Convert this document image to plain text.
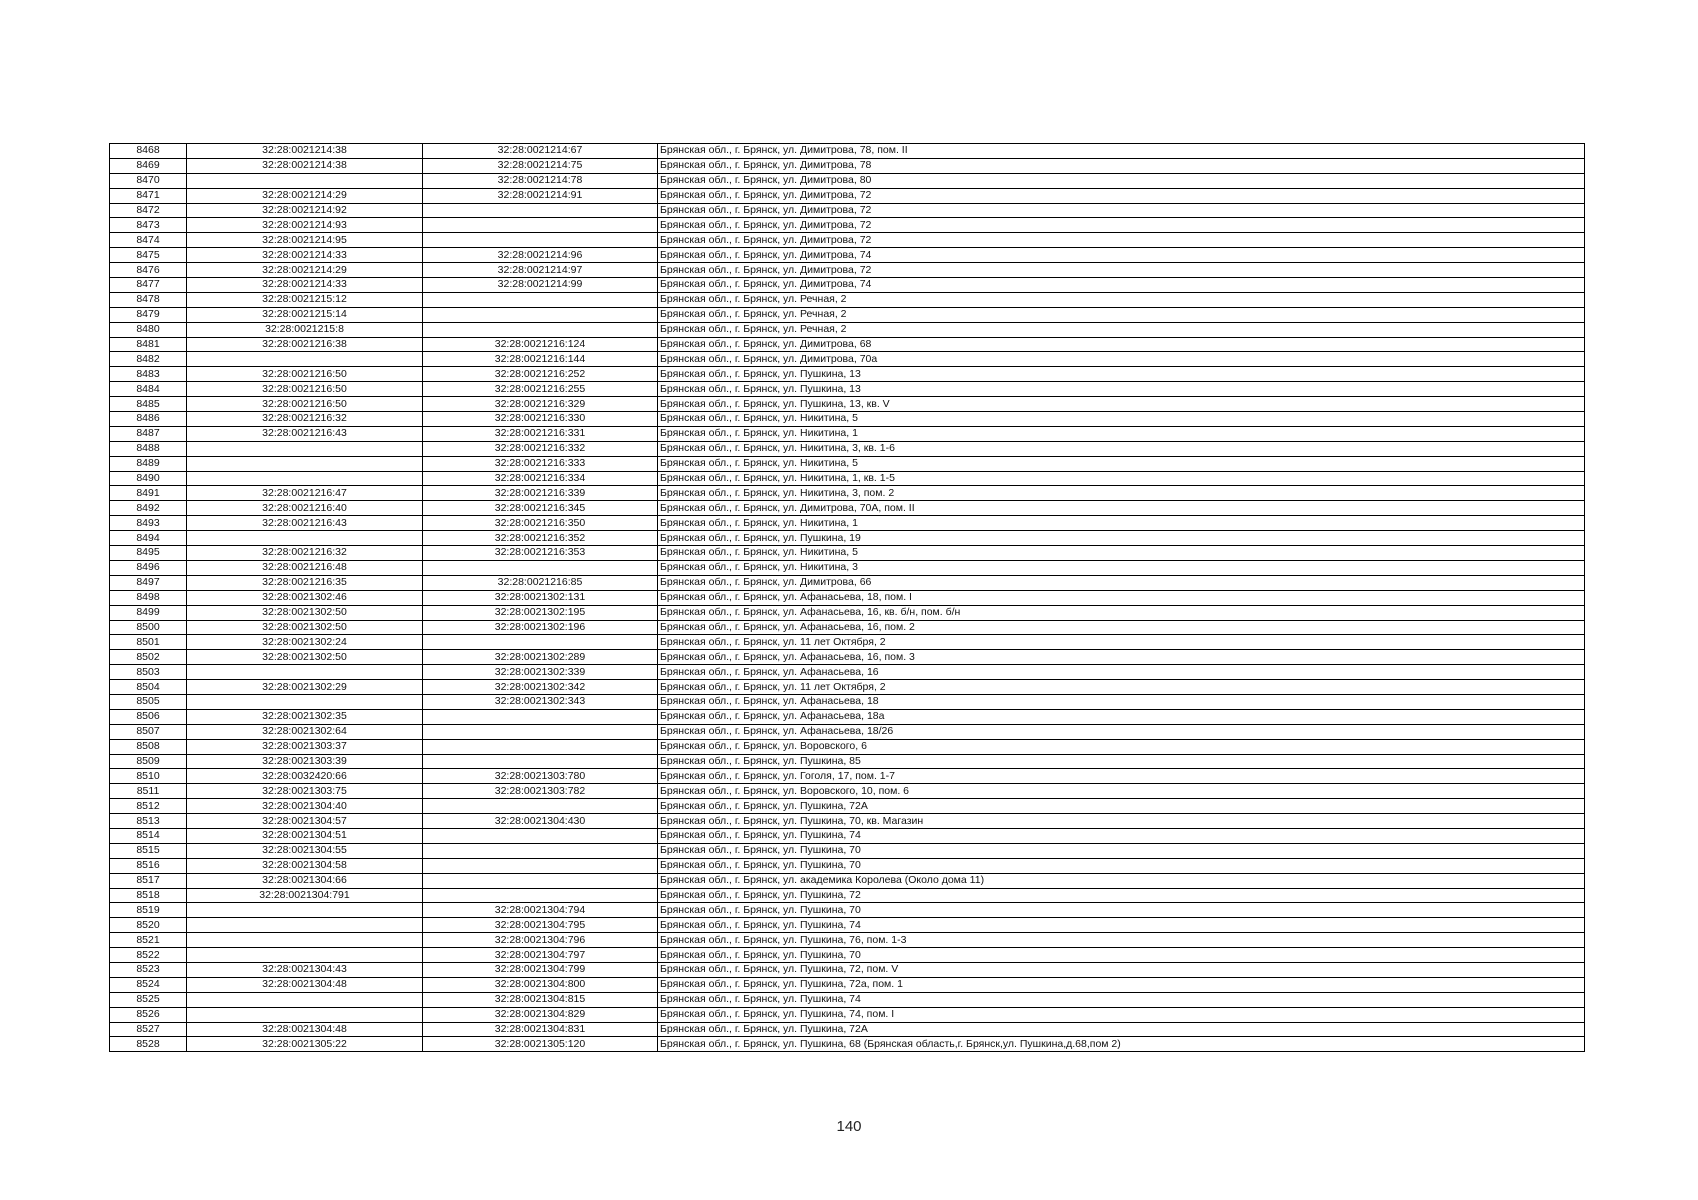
8468	32:28:0021214:38	32:28:0021214:67	Брянская обл., г. Брянск, ул. Димитрова, 78, пом. II
8469	32:28:0021214:38	32:28:0021214:75	Брянская обл., г. Брянск, ул. Димитрова, 78
8470		32:28:0021214:78	Брянская обл., г. Брянск, ул. Димитрова, 80
8471	32:28:0021214:29	32:28:0021214:91	Брянская обл., г. Брянск, ул. Димитрова, 72
8472	32:28:0021214:92		Брянская обл., г. Брянск, ул. Димитрова, 72
8473	32:28:0021214:93		Брянская обл., г. Брянск, ул. Димитрова, 72
8474	32:28:0021214:95		Брянская обл., г. Брянск, ул. Димитрова, 72
8475	32:28:0021214:33	32:28:0021214:96	Брянская обл., г. Брянск, ул. Димитрова, 74
8476	32:28:0021214:29	32:28:0021214:97	Брянская обл., г. Брянск, ул. Димитрова, 72
8477	32:28:0021214:33	32:28:0021214:99	Брянская обл., г. Брянск, ул. Димитрова, 74
8478	32:28:0021215:12		Брянская обл., г. Брянск, ул. Речная, 2
8479	32:28:0021215:14		Брянская обл., г. Брянск, ул. Речная, 2
8480	32:28:0021215:8		Брянская обл., г. Брянск, ул. Речная, 2
8481	32:28:0021216:38	32:28:0021216:124	Брянская обл., г. Брянск, ул. Димитрова, 68
8482		32:28:0021216:144	Брянская обл., г. Брянск, ул. Димитрова, 70а
8483	32:28:0021216:50	32:28:0021216:252	Брянская обл., г. Брянск, ул. Пушкина, 13
8484	32:28:0021216:50	32:28:0021216:255	Брянская обл., г. Брянск, ул. Пушкина, 13
8485	32:28:0021216:50	32:28:0021216:329	Брянская обл., г. Брянск, ул. Пушкина, 13, кв. V
8486	32:28:0021216:32	32:28:0021216:330	Брянская обл., г. Брянск, ул. Никитина, 5
8487	32:28:0021216:43	32:28:0021216:331	Брянская обл., г. Брянск, ул. Никитина, 1
8488		32:28:0021216:332	Брянская обл., г. Брянск, ул. Никитина, 3, кв. 1-6
8489		32:28:0021216:333	Брянская обл., г. Брянск, ул. Никитина, 5
8490		32:28:0021216:334	Брянская обл., г. Брянск, ул. Никитина, 1, кв. 1-5
8491	32:28:0021216:47	32:28:0021216:339	Брянская обл., г. Брянск, ул. Никитина, 3, пом. 2
8492	32:28:0021216:40	32:28:0021216:345	Брянская обл., г. Брянск, ул. Димитрова, 70А, пом. II
8493	32:28:0021216:43	32:28:0021216:350	Брянская обл., г. Брянск, ул. Никитина, 1
8494		32:28:0021216:352	Брянская обл., г. Брянск, ул. Пушкина, 19
8495	32:28:0021216:32	32:28:0021216:353	Брянская обл., г. Брянск, ул. Никитина, 5
8496	32:28:0021216:48		Брянская обл., г. Брянск, ул. Никитина, 3
8497	32:28:0021216:35	32:28:0021216:85	Брянская обл., г. Брянск, ул. Димитрова, 66
8498	32:28:0021302:46	32:28:0021302:131	Брянская обл., г. Брянск, ул. Афанасьева, 18, пом. I
8499	32:28:0021302:50	32:28:0021302:195	Брянская обл., г. Брянск, ул. Афанасьева, 16, кв. б/н, пом. б/н
8500	32:28:0021302:50	32:28:0021302:196	Брянская обл., г. Брянск, ул. Афанасьева, 16, пом. 2
8501	32:28:0021302:24		Брянская обл., г. Брянск, ул. 11 лет Октября, 2
8502	32:28:0021302:50	32:28:0021302:289	Брянская обл., г. Брянск, ул. Афанасьева, 16, пом. 3
8503		32:28:0021302:339	Брянская обл., г. Брянск, ул. Афанасьева, 16
8504	32:28:0021302:29	32:28:0021302:342	Брянская обл., г. Брянск, ул. 11 лет Октября, 2
8505		32:28:0021302:343	Брянская обл., г. Брянск, ул. Афанасьева, 18
8506	32:28:0021302:35		Брянская обл., г. Брянск, ул. Афанасьева, 18а
8507	32:28:0021302:64		Брянская обл., г. Брянск, ул. Афанасьева, 18/26
8508	32:28:0021303:37		Брянская обл., г. Брянск, ул. Воровского, 6
8509	32:28:0021303:39		Брянская обл., г. Брянск, ул. Пушкина, 85
8510	32:28:0032420:66	32:28:0021303:780	Брянская обл., г. Брянск, ул. Гоголя, 17, пом. 1-7
8511	32:28:0021303:75	32:28:0021303:782	Брянская обл., г. Брянск, ул. Воровского, 10, пом. 6
8512	32:28:0021304:40		Брянская обл., г. Брянск, ул. Пушкина, 72А
8513	32:28:0021304:57	32:28:0021304:430	Брянская обл., г. Брянск, ул. Пушкина, 70, кв. Магазин
8514	32:28:0021304:51		Брянская обл., г. Брянск, ул. Пушкина, 74
8515	32:28:0021304:55		Брянская обл., г. Брянск, ул. Пушкина, 70
8516	32:28:0021304:58		Брянская обл., г. Брянск, ул. Пушкина, 70
8517	32:28:0021304:66		Брянская обл., г. Брянск, ул. академика Королева (Около дома 11)
8518	32:28:0021304:791		Брянская обл., г. Брянск, ул. Пушкина, 72
8519		32:28:0021304:794	Брянская обл., г. Брянск, ул. Пушкина, 70
8520		32:28:0021304:795	Брянская обл., г. Брянск, ул. Пушкина, 74
8521		32:28:0021304:796	Брянская обл., г. Брянск, ул. Пушкина, 76, пом. 1-3
8522		32:28:0021304:797	Брянская обл., г. Брянск, ул. Пушкина, 70
8523	32:28:0021304:43	32:28:0021304:799	Брянская обл., г. Брянск, ул. Пушкина, 72, пом. V
8524	32:28:0021304:48	32:28:0021304:800	Брянская обл., г. Брянск, ул. Пушкина, 72а, пом. 1
8525		32:28:0021304:815	Брянская обл., г. Брянск, ул. Пушкина, 74
8526		32:28:0021304:829	Брянская обл., г. Брянск, ул. Пушкина, 74, пом. I
8527	32:28:0021304:48	32:28:0021304:831	Брянская обл., г. Брянск, ул. Пушкина, 72А
8528	32:28:0021305:22	32:28:0021305:120	Брянская обл., г. Брянск, ул. Пушкина, 68 (Брянская область,г. Брянск,ул. Пушкина,д.68,пом 2)
140
